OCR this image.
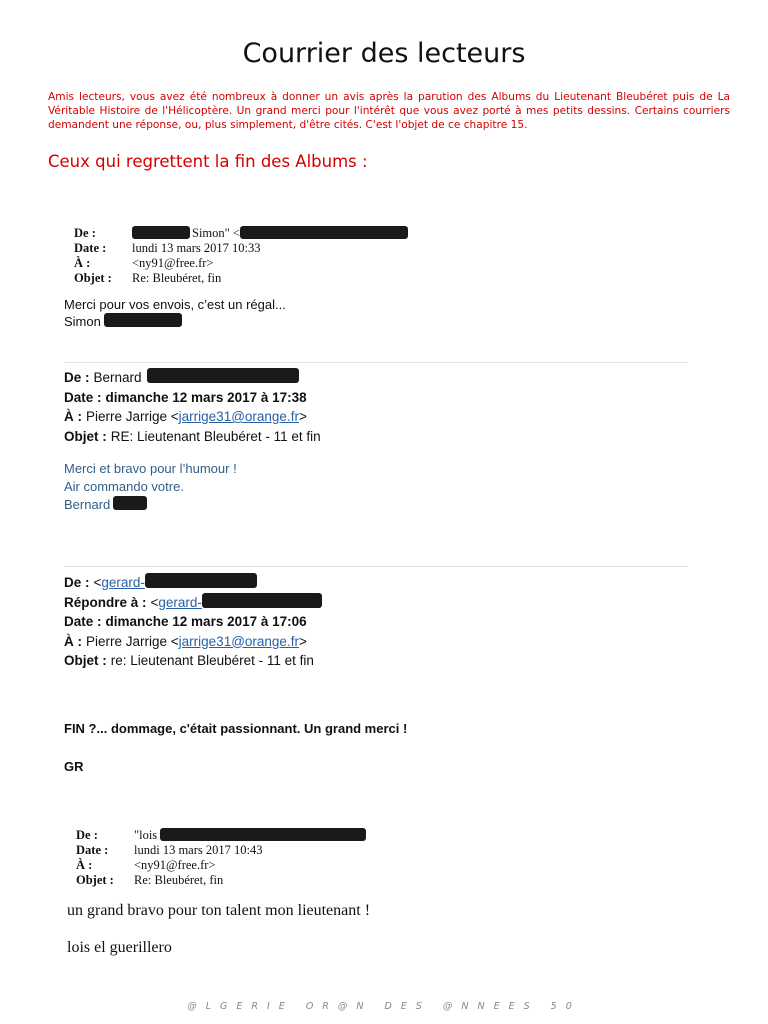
Courrier des lecteurs
Amis lecteurs, vous avez été nombreux à donner un avis après la parution des Albums du Lieutenant Bleubéret puis de La Véritable Histoire de l'Hélicoptère. Un grand merci pour l'intérêt que vous avez porté à mes petits dessins. Certains courriers demandent une réponse, ou, plus simplement, d'être cités. C'est l'objet de ce chapitre 15.
Ceux qui regrettent la fin des Albums :
De :	Simon" <
Date :	lundi 13 mars 2017 10:33
À :	<ny91@free.fr>
Objet :	Re: Bleubéret, fin
Merci pour vos envois, c’est un régal...
Simon
De : Bernard
Date : dimanche 12 mars 2017 à 17:38
À : Pierre Jarrige < jarrige31@orange.fr >
Objet : RE: Lieutenant Bleubéret - 11 et fin
Merci et bravo pour l’humour !
Air commando votre.
Bernard
De : < gerard-
Répondre à : < gerard-
Date : dimanche 12 mars 2017 à 17:06
À : Pierre Jarrige < jarrige31@orange.fr >
Objet : re: Lieutenant Bleubéret - 11 et fin
FIN ?... dommage, c'était passionnant. Un grand merci !
GR
De :	"lois
Date :	lundi 13 mars 2017 10:43
À :	<ny91@free.fr>
Objet :	Re: Bleubéret, fin
un grand bravo pour ton talent mon lieutenant !
lois el guerillero
@LGERIE OR@N DES @NNEES 50
